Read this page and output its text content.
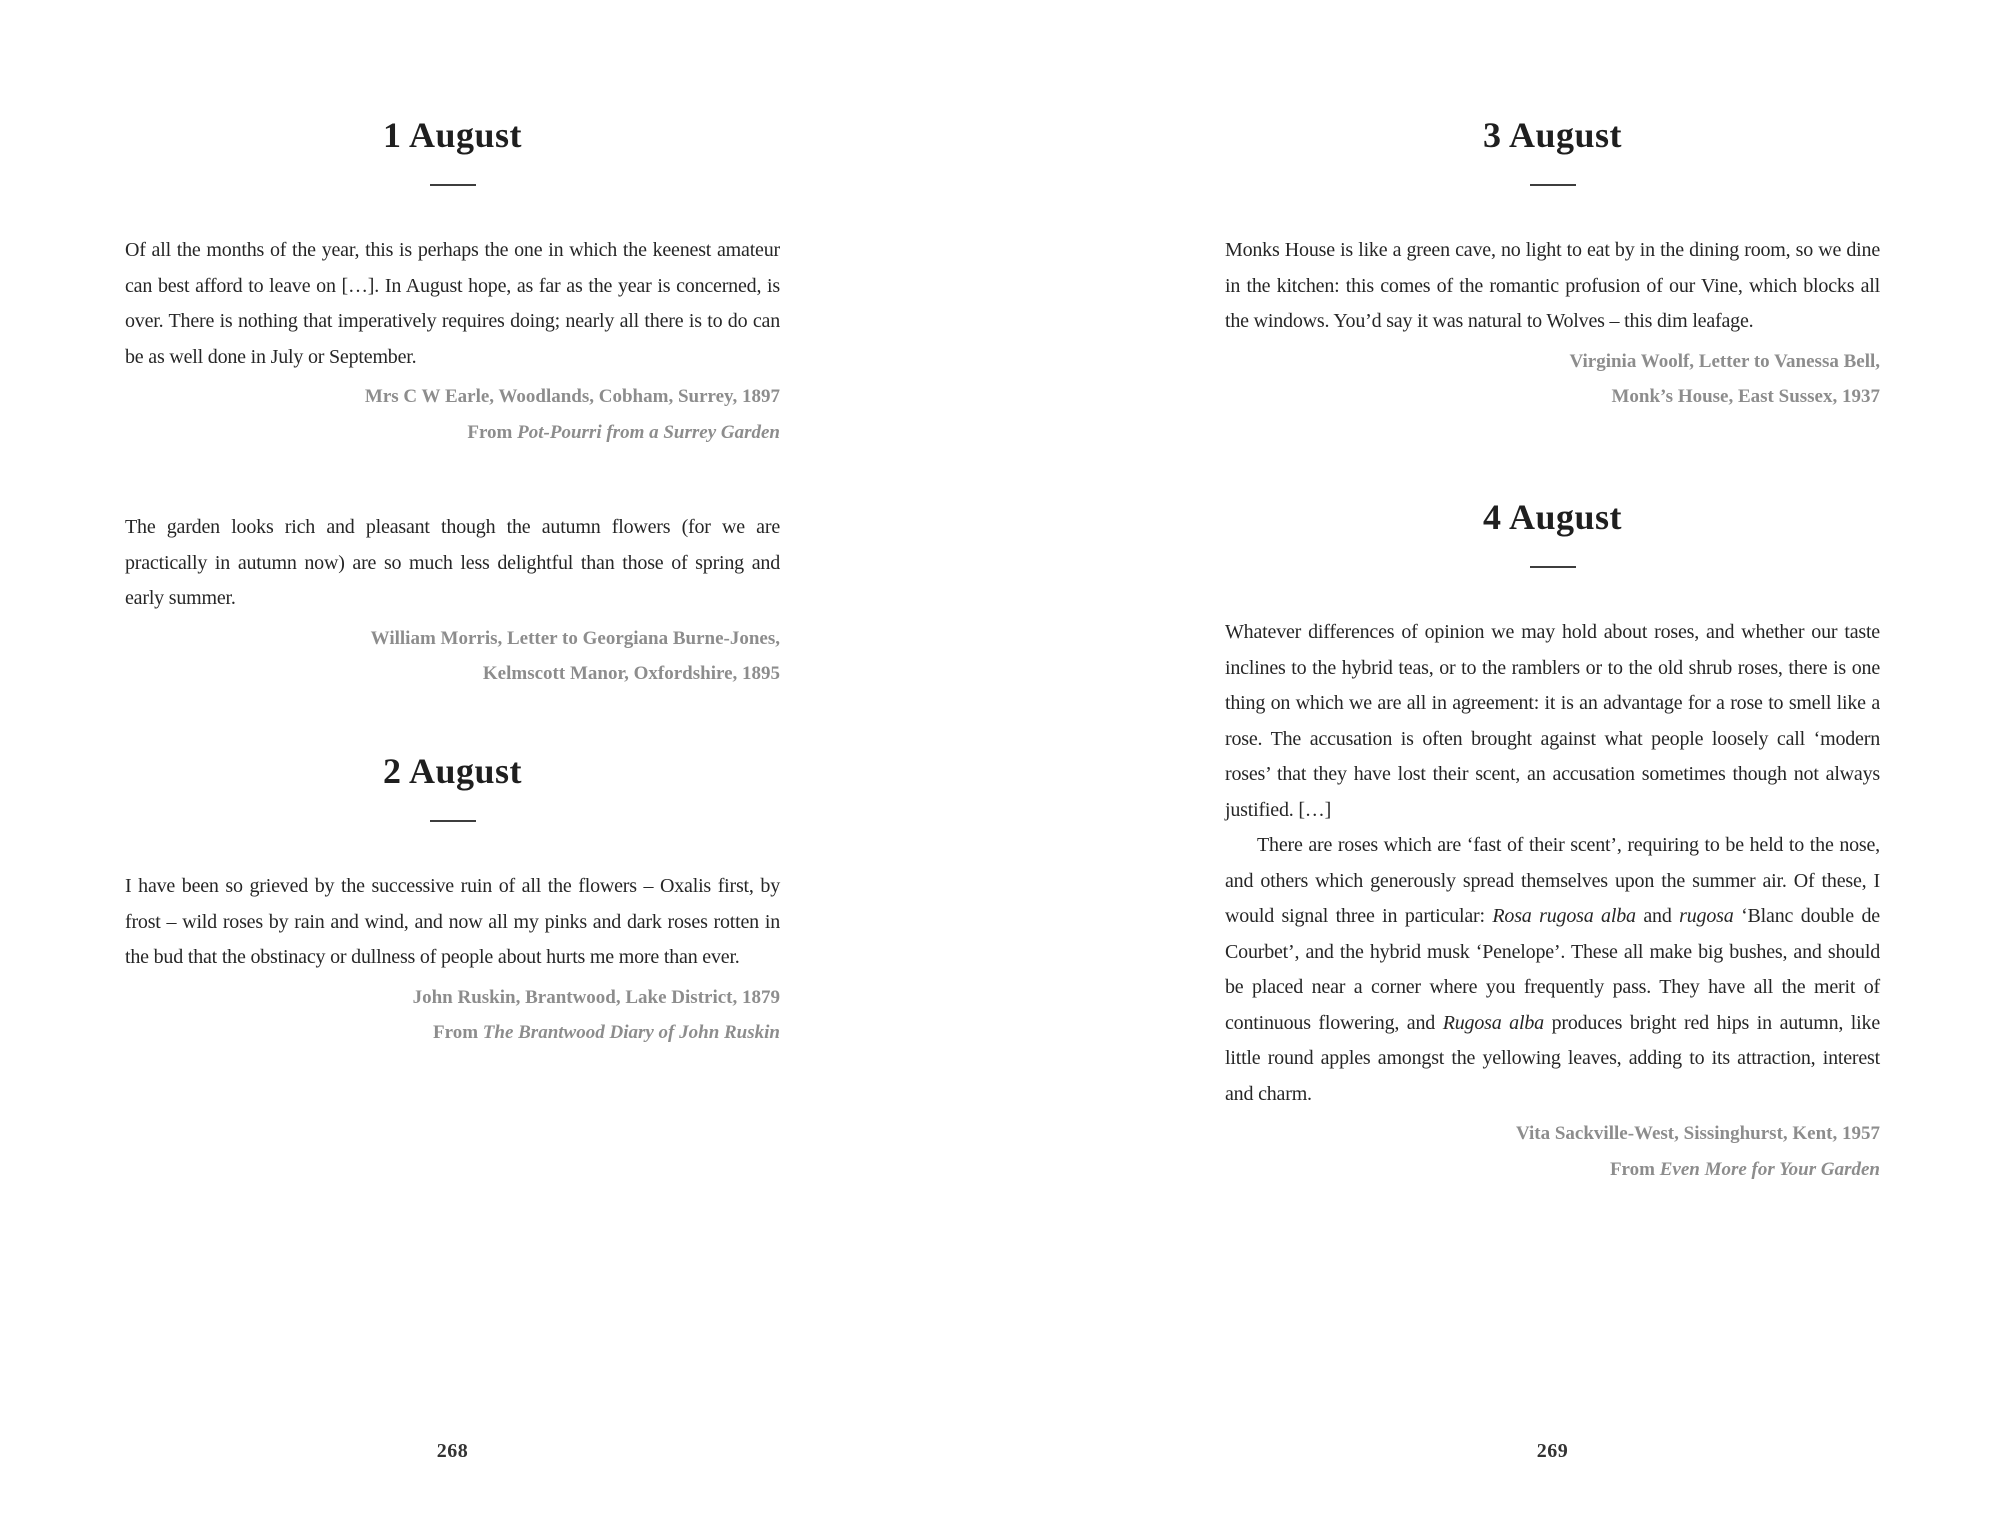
1 August

Of all the months of the year, this is perhaps the one in which the keenest amateur can best afford to leave on […]. In August hope, as far as the year is concerned, is over. There is nothing that imperatively requires doing; nearly all there is to do can be as well done in July or September.

Mrs C W Earle, Woodlands, Cobham, Surrey, 1897
From Pot-Pourri from a Surrey Garden

The garden looks rich and pleasant though the autumn flowers (for we are practically in autumn now) are so much less delightful than those of spring and early summer.

William Morris, Letter to Georgiana Burne-Jones,
Kelmscott Manor, Oxfordshire, 1895
2 August

I have been so grieved by the successive ruin of all the flowers – Oxalis first, by frost – wild roses by rain and wind, and now all my pinks and dark roses rotten in the bud that the obstinacy or dullness of people about hurts me more than ever.

John Ruskin, Brantwood, Lake District, 1879
From The Brantwood Diary of John Ruskin
268
3 August

Monks House is like a green cave, no light to eat by in the dining room, so we dine in the kitchen: this comes of the romantic profusion of our Vine, which blocks all the windows. You’d say it was natural to Wolves – this dim leafage.

Virginia Woolf, Letter to Vanessa Bell,
Monk’s House, East Sussex, 1937
4 August

Whatever differences of opinion we may hold about roses, and whether our taste inclines to the hybrid teas, or to the ramblers or to the old shrub roses, there is one thing on which we are all in agreement: it is an advantage for a rose to smell like a rose. The accusation is often brought against what people loosely call ‘modern roses’ that they have lost their scent, an accusation sometimes though not always justified. […]

There are roses which are ‘fast of their scent’, requiring to be held to the nose, and others which generously spread themselves upon the summer air. Of these, I would signal three in particular: Rosa rugosa alba and rugosa ‘Blanc double de Courbet’, and the hybrid musk ‘Penelope’. These all make big bushes, and should be placed near a corner where you frequently pass. They have all the merit of continuous flowering, and Rugosa alba produces bright red hips in autumn, like little round apples amongst the yellowing leaves, adding to its attraction, interest and charm.

Vita Sackville-West, Sissinghurst, Kent, 1957
From Even More for Your Garden
269
